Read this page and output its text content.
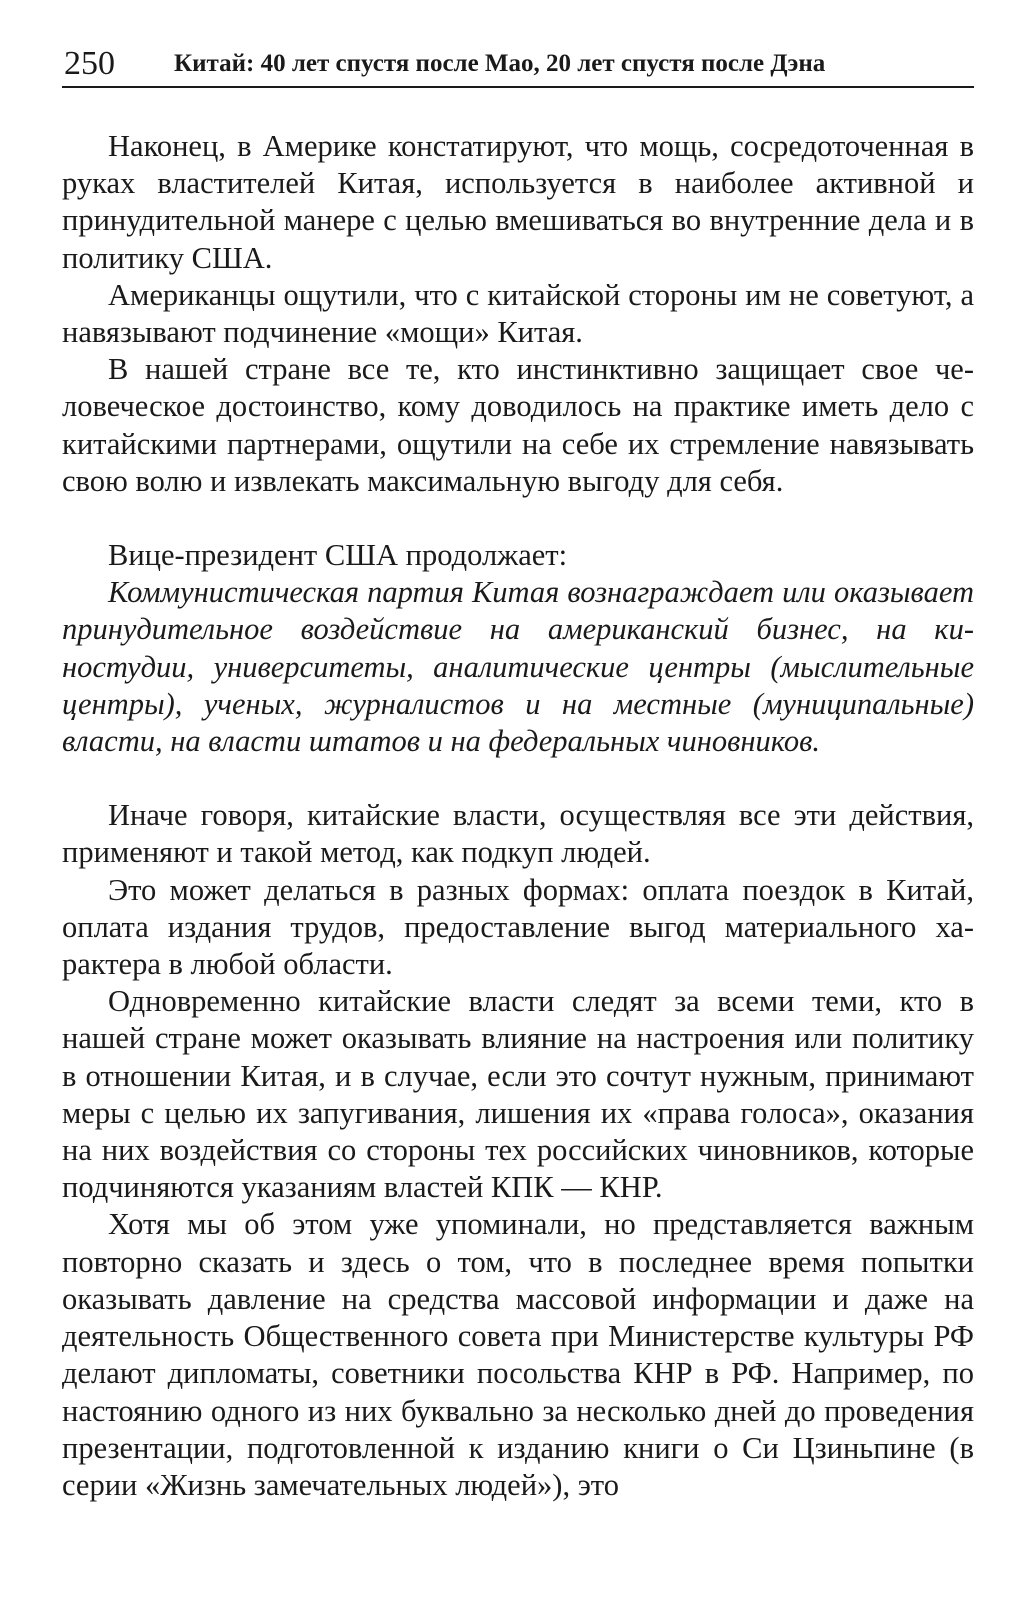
250 Китай: 40 лет спустя после Мао, 20 лет спустя после Дэна

Наконец, в Америке констатируют, что мощь, сосредоточенная в руках властителей Китая, используется в наиболее активной и принудительной манере с целью вмешиваться во внутренние дела и в политику США.

Американцы ощутили, что с китайской стороны им не советуют, а навязывают подчинение «мощи» Китая.

В нашей стране все те, кто инстинктивно защищает свое человеческое достоинство, кому доводилось на практике иметь дело с китайскими партнерами, ощутили на себе их стремление навязывать свою волю и извлекать максимальную выгоду для себя.

Вице-президент США продолжает:

Коммунистическая партия Китая вознаграждает или оказывает принудительное воздействие на американский бизнес, на киностудии, университеты, аналитические центры (мыслительные центры), ученых, журналистов и на местные (муниципальные) власти, на власти штатов и на федеральных чиновников.

Иначе говоря, китайские власти, осуществляя все эти действия, применяют и такой метод, как подкуп людей.

Это может делаться в разных формах: оплата поездок в Китай, оплата издания трудов, предоставление выгод материального характера в любой области.

Одновременно китайские власти следят за всеми теми, кто в нашей стране может оказывать влияние на настроения или политику в отношении Китая, и в случае, если это сочтут нужным, принимают меры с целью их запугивания, лишения их «права голоса», оказания на них воздействия со стороны тех российских чиновников, которые подчиняются указаниям властей КПК — КНР.

Хотя мы об этом уже упоминали, но представляется важным повторно сказать и здесь о том, что в последнее время попытки оказывать давление на средства массовой информации и даже на деятельность Общественного совета при Министерстве культуры РФ делают дипломаты, советники посольства КНР в РФ. Например, по настоянию одного из них буквально за несколько дней до проведения презентации, подготовленной к изданию книги о Си Цзиньпине (в серии «Жизнь замечательных людей»), это
